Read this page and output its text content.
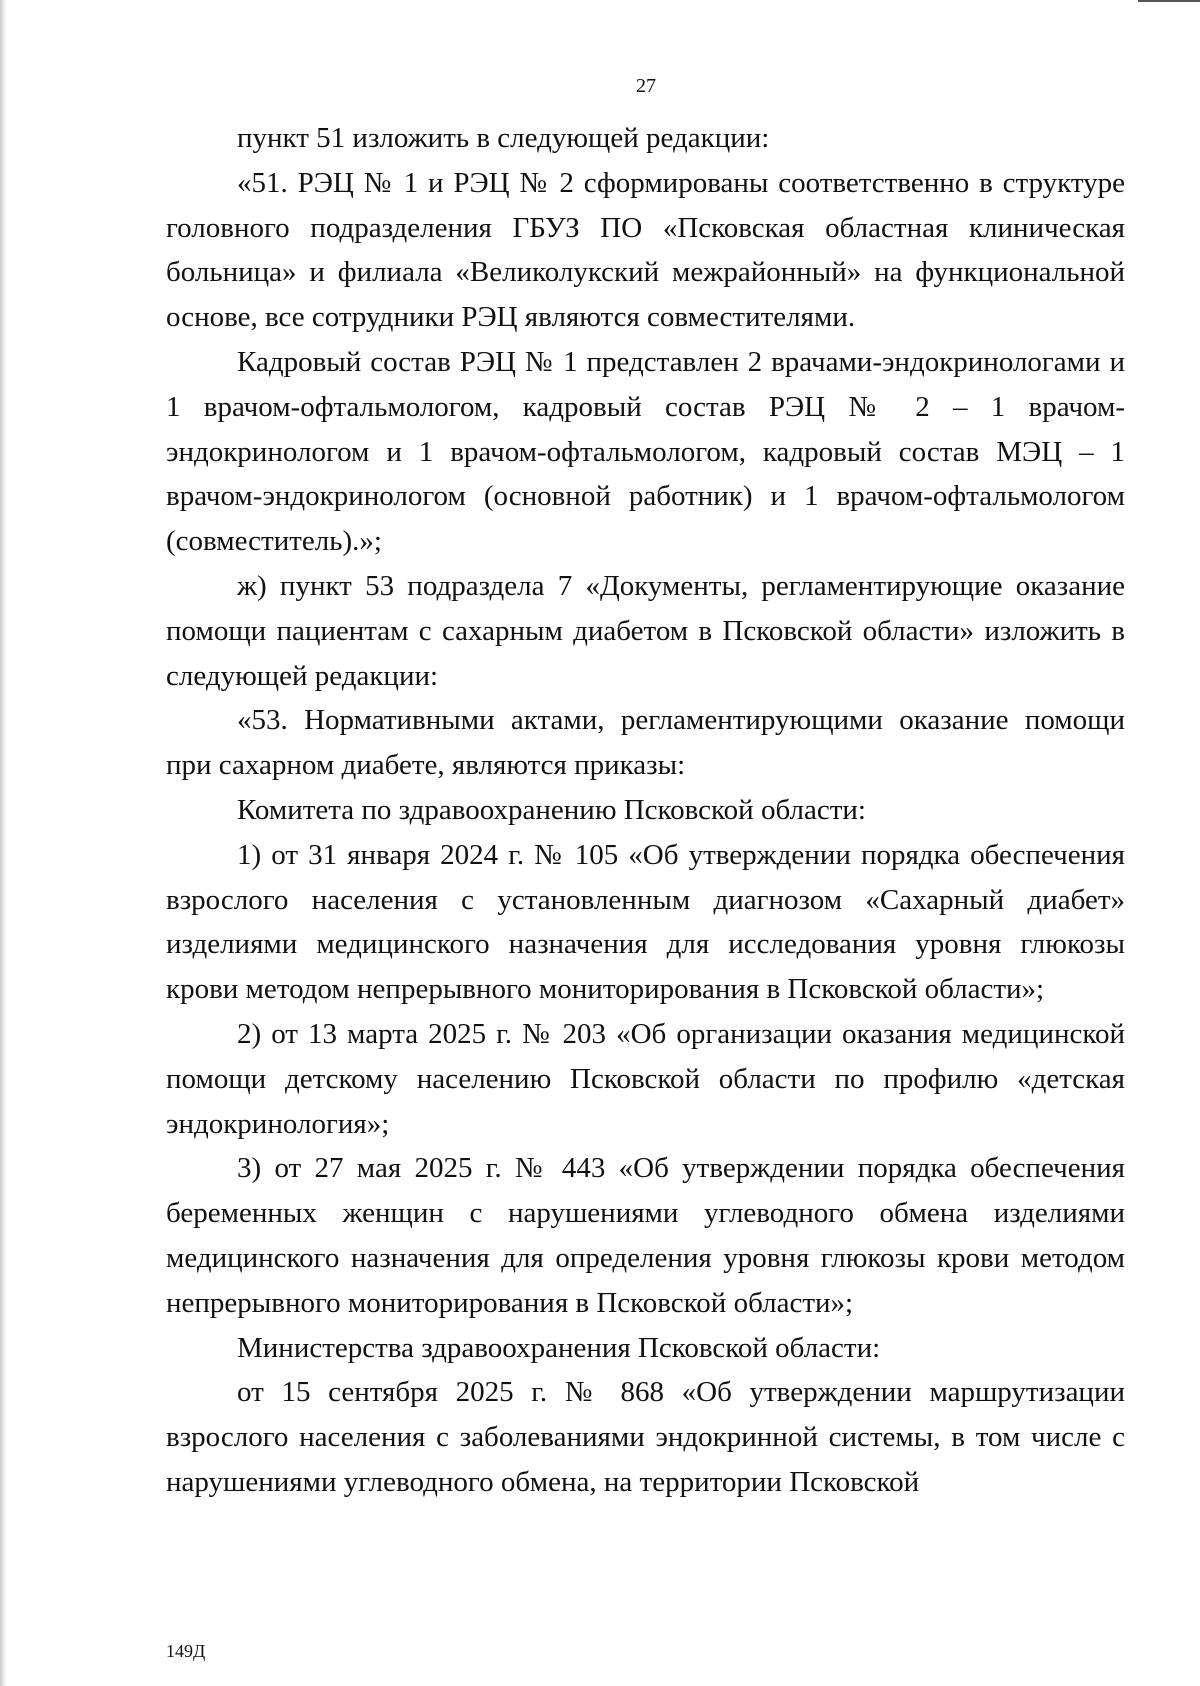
27

пункт 51 изложить в следующей редакции:

«51. РЭЦ № 1 и РЭЦ № 2 сформированы соответственно в структуре головного подразделения ГБУЗ ПО «Псковская областная клиническая больница» и филиала «Великолукский межрайонный» на функциональной основе, все сотрудники РЭЦ являются совместителями.

Кадровый состав РЭЦ № 1 представлен 2 врачами-эндокринологами и 1 врачом-офтальмологом, кадровый состав РЭЦ № 2 – 1 врачом-эндокринологом и 1 врачом-офтальмологом, кадровый состав МЭЦ – 1 врачом-эндокринологом (основной работник) и 1 врачом-офтальмологом (совместитель).»;

ж) пункт 53 подраздела 7 «Документы, регламентирующие оказание помощи пациентам с сахарным диабетом в Псковской области» изложить в следующей редакции:

«53. Нормативными актами, регламентирующими оказание помощи при сахарном диабете, являются приказы:

Комитета по здравоохранению Псковской области:

1) от 31 января 2024 г. № 105 «Об утверждении порядка обеспечения взрослого населения с установленным диагнозом «Сахарный диабет» изделиями медицинского назначения для исследования уровня глюкозы крови методом непрерывного мониторирования в Псковской области»;

2) от 13 марта 2025 г. № 203 «Об организации оказания медицинской помощи детскому населению Псковской области по профилю «детская эндокринология»;

3) от 27 мая 2025 г. № 443 «Об утверждении порядка обеспечения беременных женщин с нарушениями углеводного обмена изделиями медицинского назначения для определения уровня глюкозы крови методом непрерывного мониторирования в Псковской области»;

Министерства здравоохранения Псковской области:

от 15 сентября 2025 г. № 868 «Об утверждении маршрутизации взрослого населения с заболеваниями эндокринной системы, в том числе с нарушениями углеводного обмена, на территории Псковской

149Д
